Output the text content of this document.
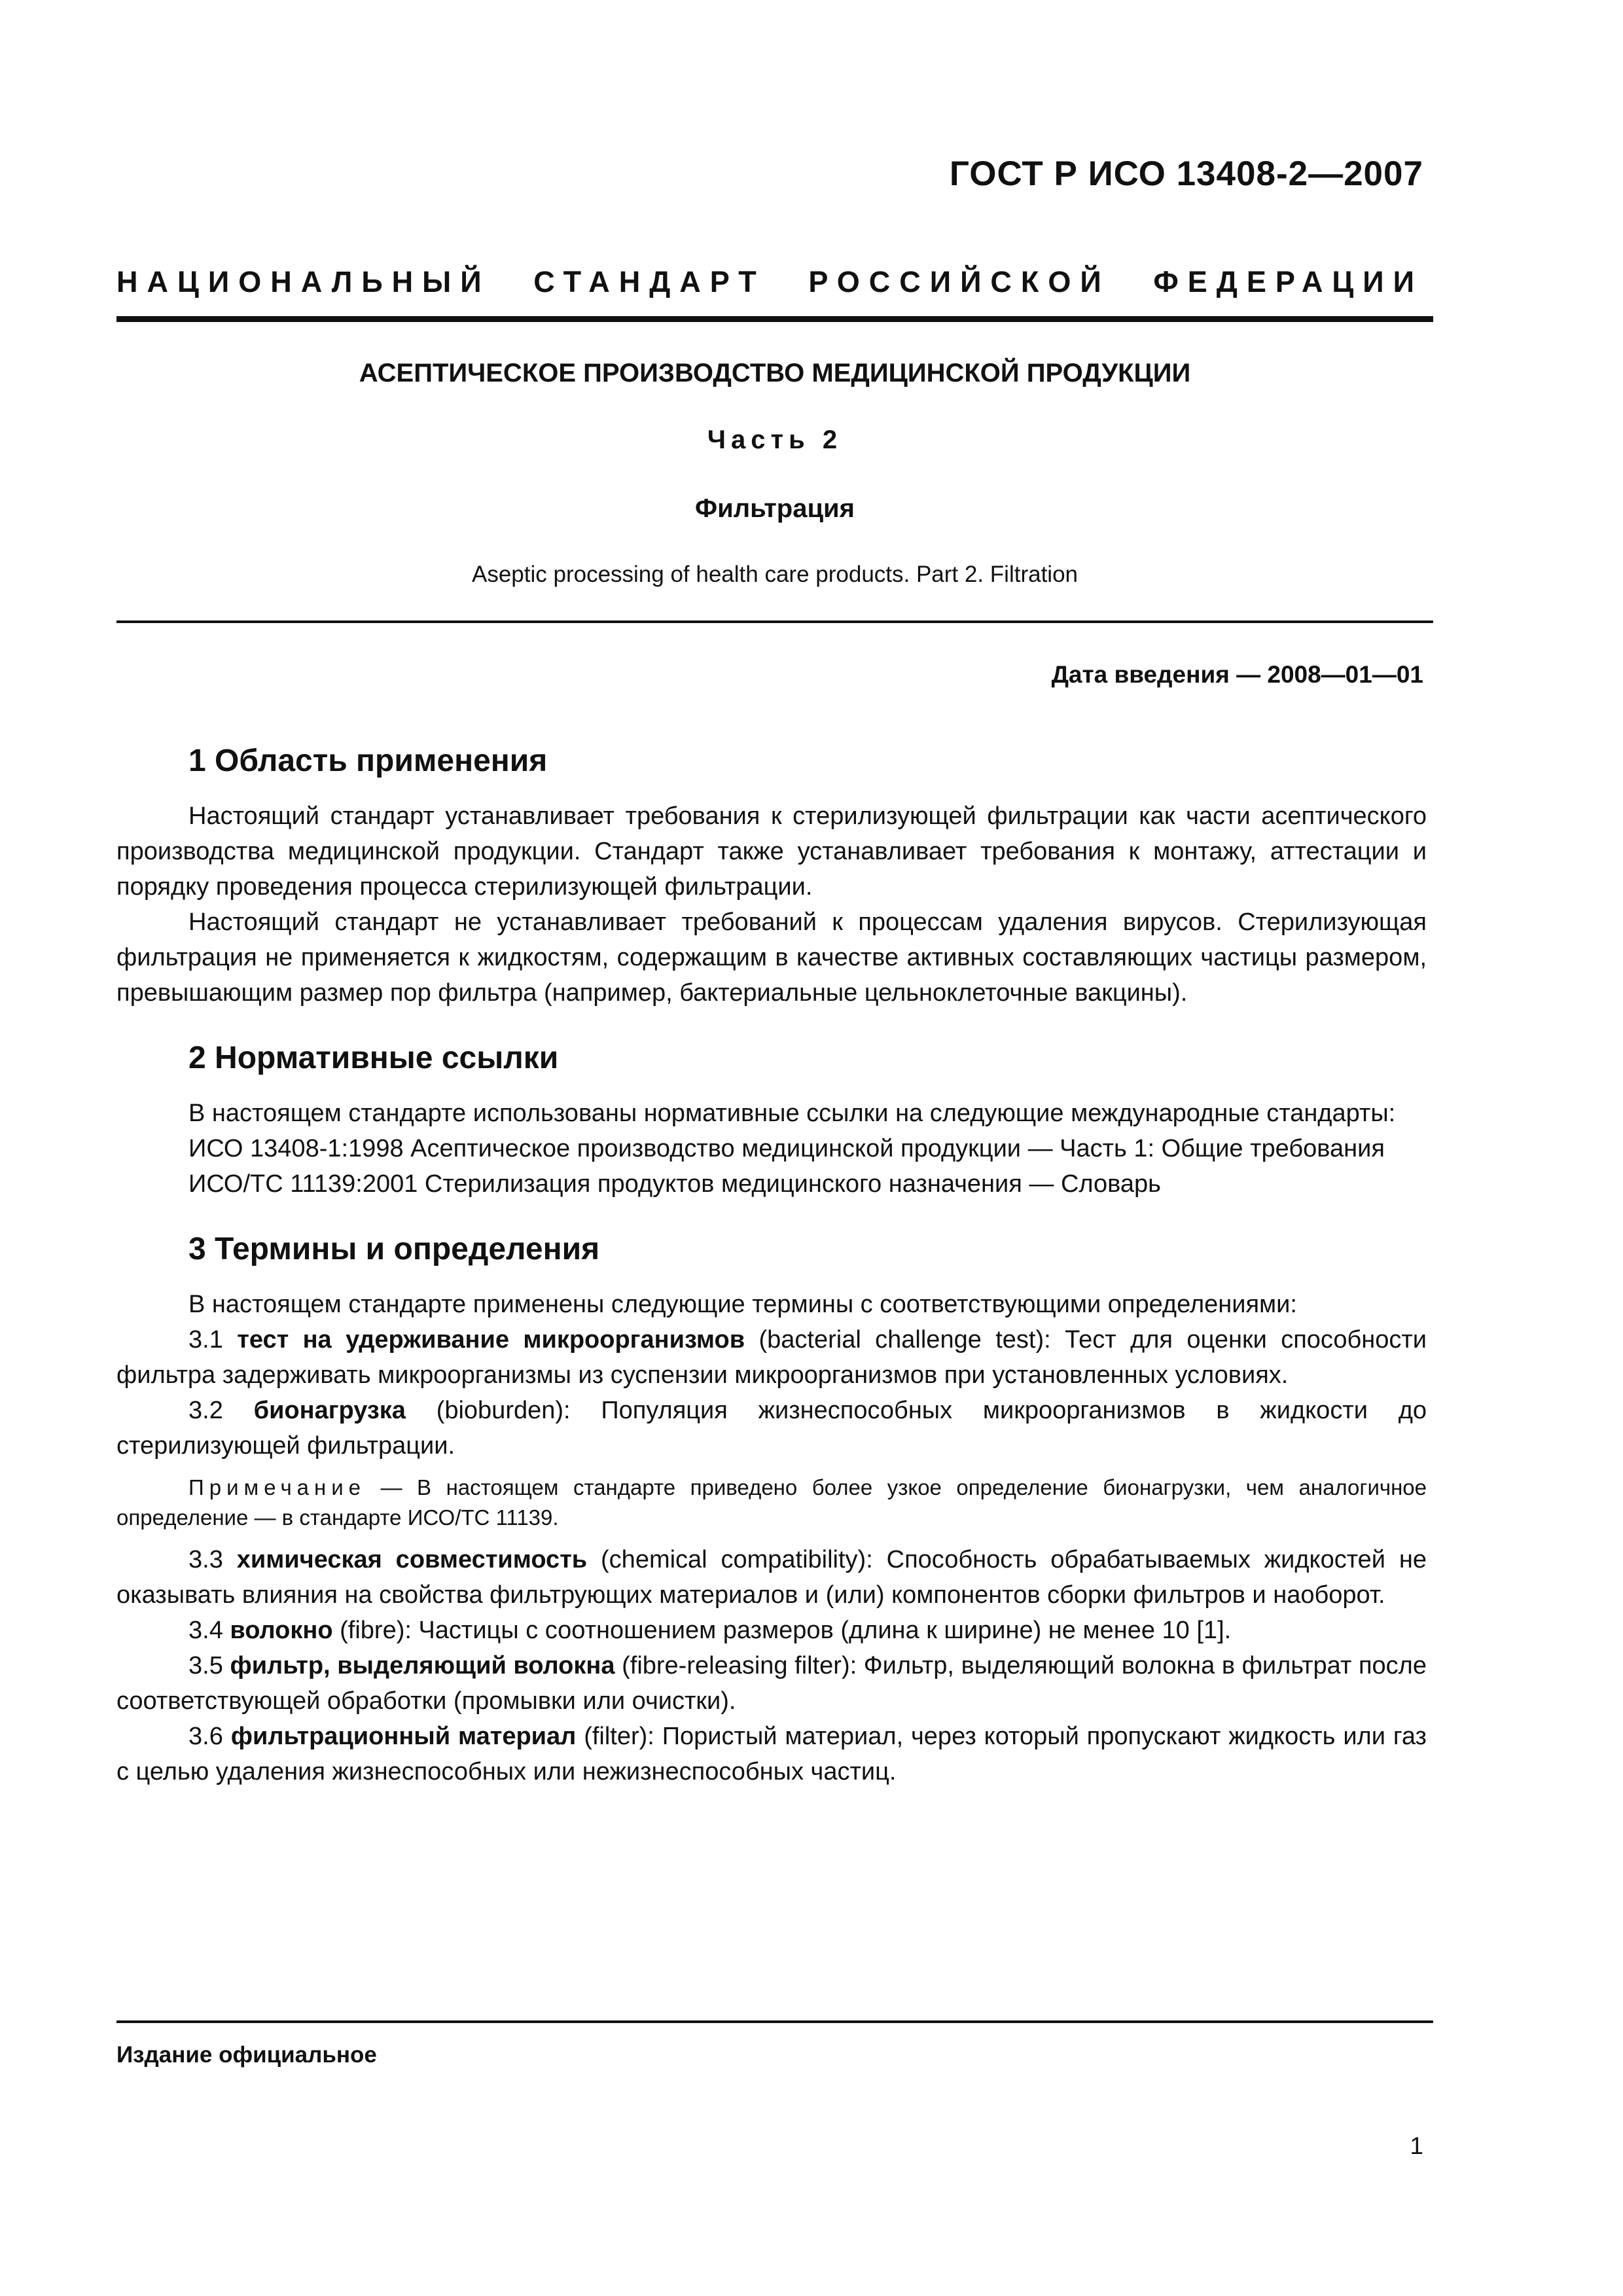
ГОСТ Р ИСО 13408-2—2007
НАЦИОНАЛЬНЫЙ СТАНДАРТ РОССИЙСКОЙ ФЕДЕРАЦИИ
АСЕПТИЧЕСКОЕ ПРОИЗВОДСТВО МЕДИЦИНСКОЙ ПРОДУКЦИИ
Часть 2
Фильтрация
Aseptic processing of health care products. Part 2. Filtration
Дата введения — 2008—01—01
1 Область применения

Настоящий стандарт устанавливает требования к стерилизующей фильтрации как части асептического производства медицинской продукции. Стандарт также устанавливает требования к монтажу, аттестации и порядку проведения процесса стерилизующей фильтрации.

Настоящий стандарт не устанавливает требований к процессам удаления вирусов. Стерилизующая фильтрация не применяется к жидкостям, содержащим в качестве активных составляющих частицы размером, превышающим размер пор фильтра (например, бактериальные цельноклеточные вакцины).

2 Нормативные ссылки

В настоящем стандарте использованы нормативные ссылки на следующие международные стандарты:

ИСО 13408-1:1998 Асептическое производство медицинской продукции — Часть 1: Общие требования

ИСО/ТС 11139:2001 Стерилизация продуктов медицинского назначения — Словарь

3 Термины и определения

В настоящем стандарте применены следующие термины с соответствующими определениями:

3.1 тест на удерживание микроорганизмов (bacterial challenge test): Тест для оценки способности фильтра задерживать микроорганизмы из суспензии микроорганизмов при установленных условиях.

3.2 бионагрузка (bioburden): Популяция жизнеспособных микроорганизмов в жидкости до стерилизующей фильтрации.

Примечание — В настоящем стандарте приведено более узкое определение бионагрузки, чем аналогичное определение — в стандарте ИСО/ТС 11139.

3.3 химическая совместимость (chemical compatibility): Способность обрабатываемых жидкостей не оказывать влияния на свойства фильтрующих материалов и (или) компонентов сборки фильтров и наоборот.

3.4 волокно (fibre): Частицы с соотношением размеров (длина к ширине) не менее 10 [1].

3.5 фильтр, выделяющий волокна (fibre-releasing filter): Фильтр, выделяющий волокна в фильтрат после соответствующей обработки (промывки или очистки).

3.6 фильтрационный материал (filter): Пористый материал, через который пропускают жидкость или газ с целью удаления жизнеспособных или нежизнеспособных частиц.

Издание официальное
1
